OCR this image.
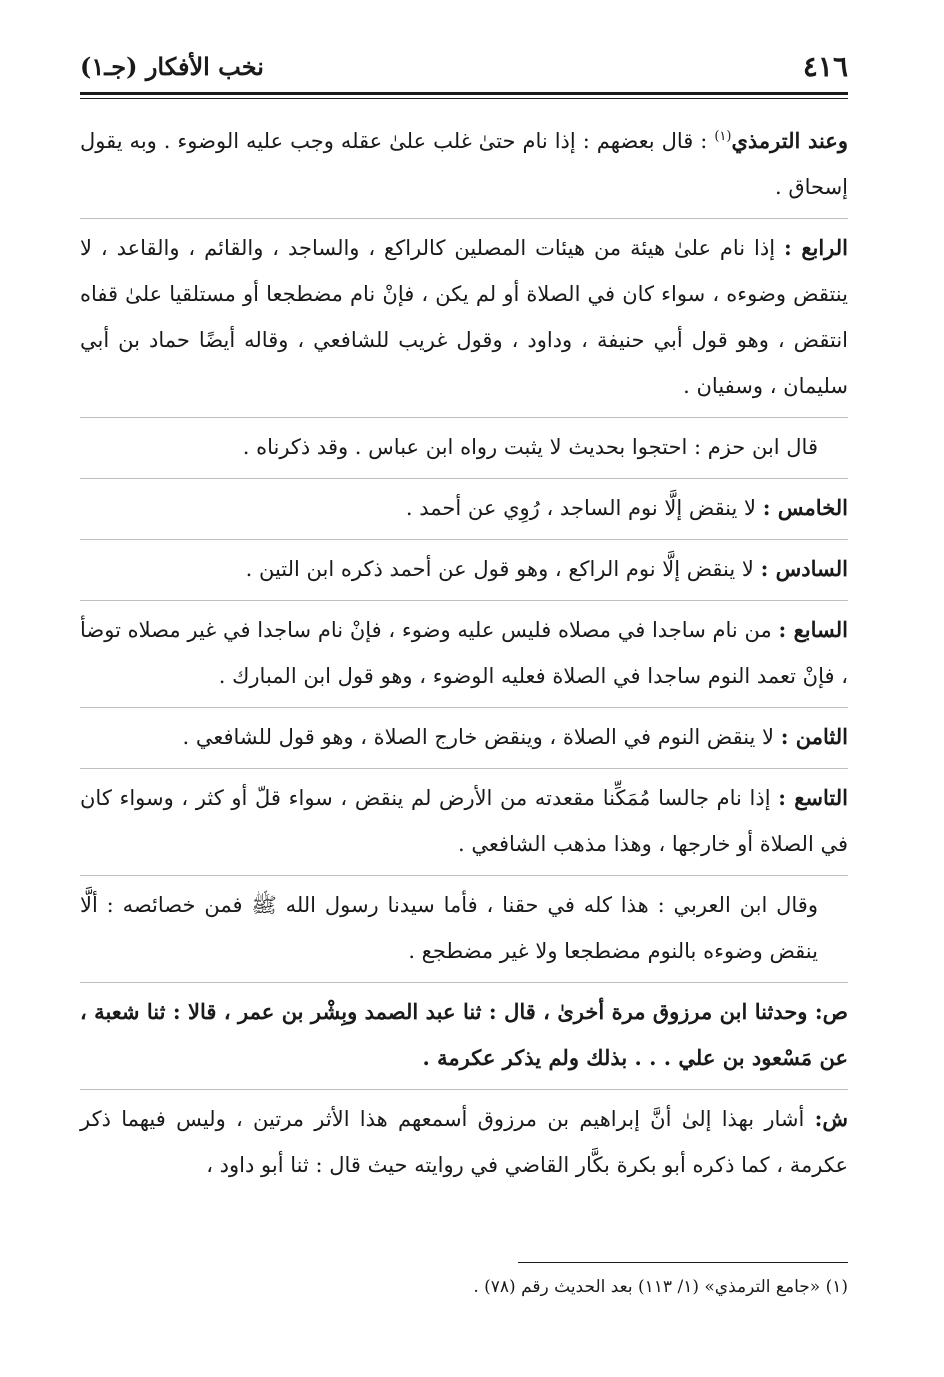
٤١٦
نخب الأفكار (جـ١)

وعند الترمذي$^{(١)}$ : قال بعضهم : إذا نام حتىٰ غلب علىٰ عقله وجب عليه الوضوء . وبه يقول إسحاق .

الرابع : إذا نام علىٰ هيئة من هيئات المصلين كالراكع ، والساجد ، والقائم ، والقاعد ، لا ينتقض وضوءه ، سواء كان في الصلاة أو لم يكن ، فإنْ نام مضطجعا أو مستلقيا علىٰ قفاه انتقض ، وهو قول أبي حنيفة ، وداود ، وقول غريب للشافعي ، وقاله أيضًا حماد بن أبي سليمان ، وسفيان .

قال ابن حزم : احتجوا بحديث لا يثبت رواه ابن عباس . وقد ذكرناه .

الخامس : لا ينقض إلَّا نوم الساجد ، رُوِي عن أحمد .

السادس : لا ينقض إلَّا نوم الراكع ، وهو قول عن أحمد ذكره ابن التين .

السابع : من نام ساجدا في مصلاه فليس عليه وضوء ، فإنْ نام ساجدا في غير مصلاه توضأ ، فإنْ تعمد النوم ساجدا في الصلاة فعليه الوضوء ، وهو قول ابن المبارك .

الثامن : لا ينقض النوم في الصلاة ، وينقض خارج الصلاة ، وهو قول للشافعي .

التاسع : إذا نام جالسا مُمَكِّنا مقعدته من الأرض لم ينقض ، سواء قلّ أو كثر ، وسواء كان في الصلاة أو خارجها ، وهذا مذهب الشافعي .

وقال ابن العربي : هذا كله في حقنا ، فأما سيدنا رسول الله ﷺ فمن خصائصه : ألَّا ينقض وضوءه بالنوم مضطجعا ولا غير مضطجع .

ص: وحدثنا ابن مرزوق مرة أخرىٰ ، قال : ثنا عبد الصمد وبِشْر بن عمر ، قالا : ثنا شعبة ، عن مَسْعود بن علي . . . بذلك ولم يذكر عكرمة .

ش: أشار بهذا إلىٰ أنَّ إبراهيم بن مرزوق أسمعهم هذا الأثر مرتين ، وليس فيهما ذكر عكرمة ، كما ذكره أبو بكرة بكَّار القاضي في روايته حيث قال : ثنا أبو داود ،

(١) «جامع الترمذي» (١/ ١١٣) بعد الحديث رقم (٧٨) .
